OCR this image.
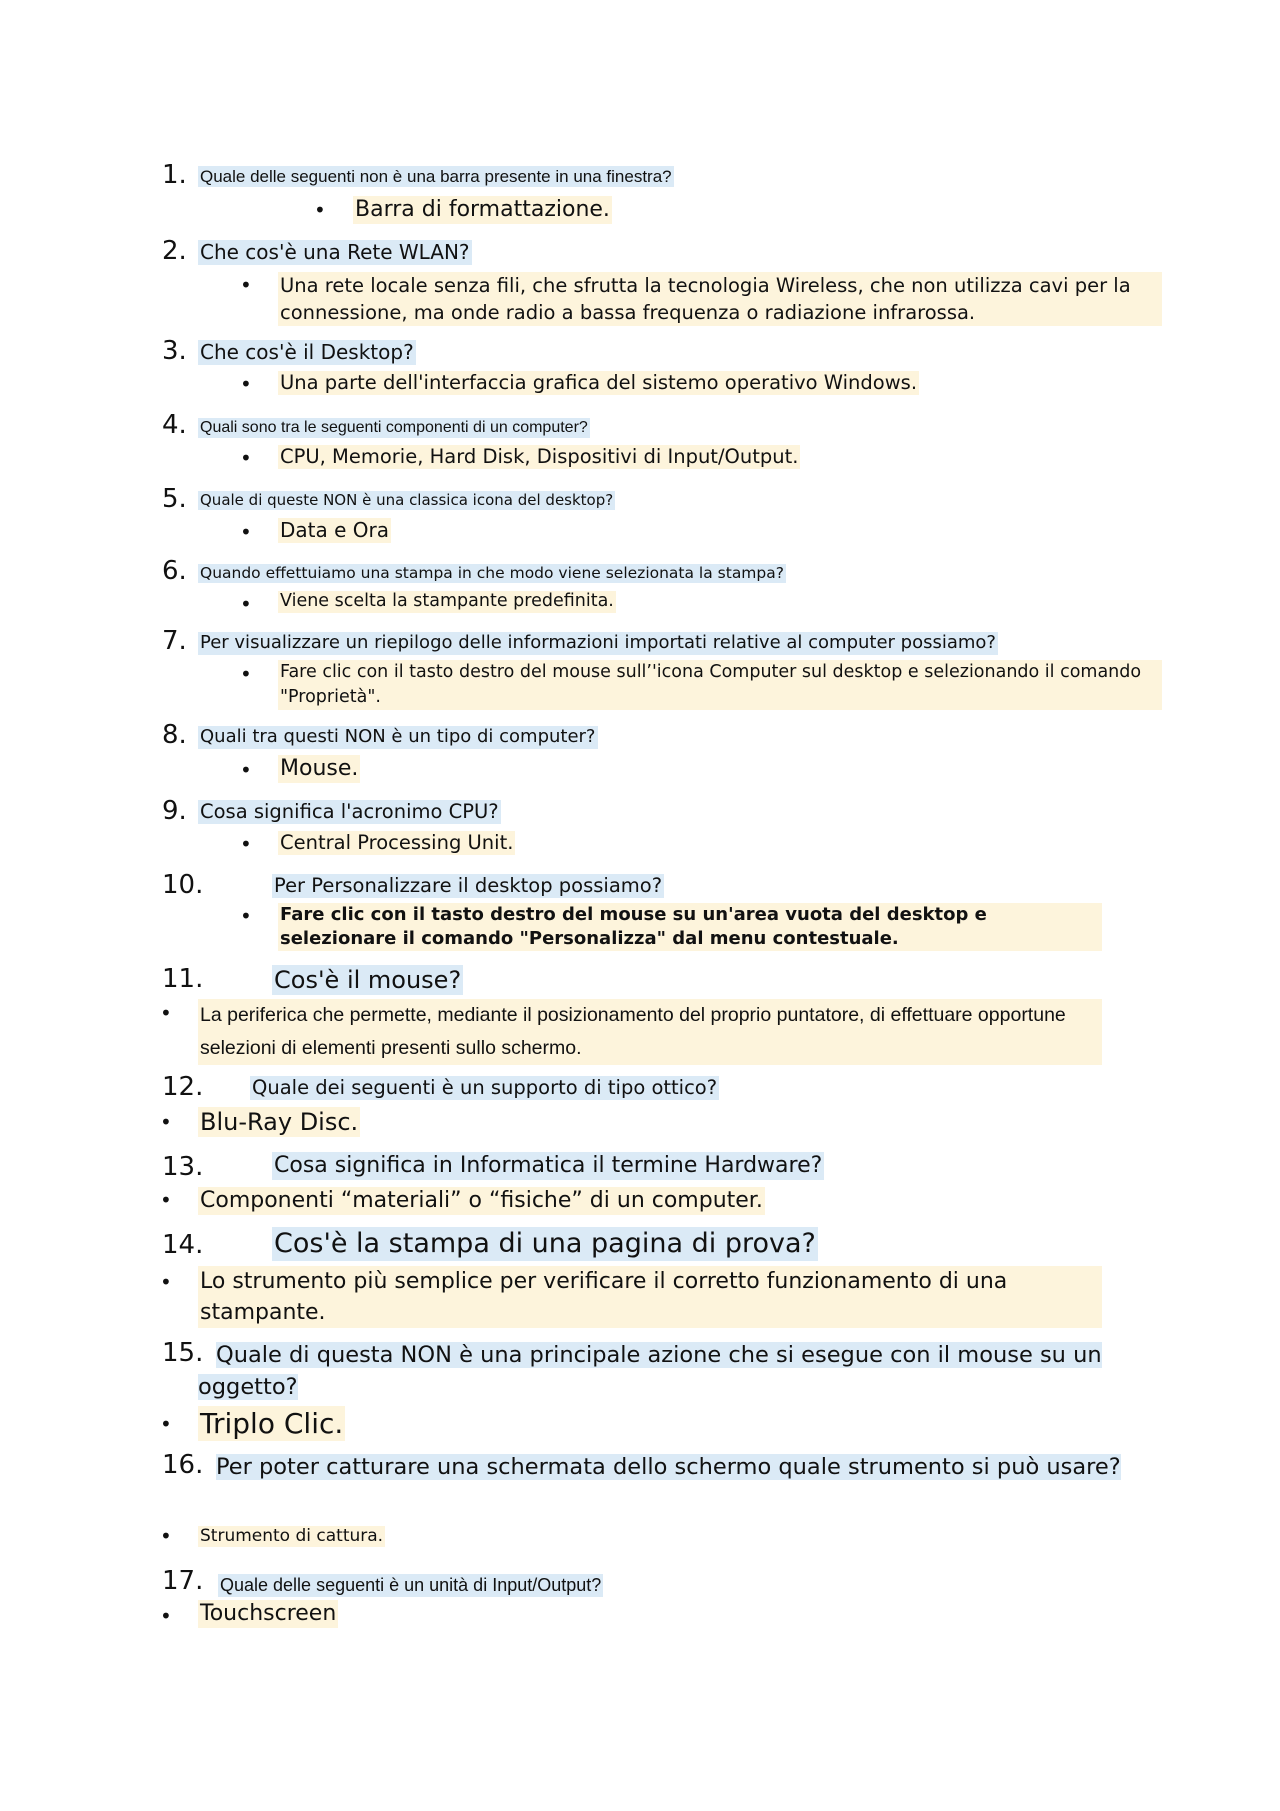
1. Quale delle seguenti non è una barra presente in una finestra?
• Barra di formattazione.
2. Che cos'è una Rete WLAN?
• Una rete locale senza fili, che sfrutta la tecnologia Wireless, che non utilizza cavi per la connessione, ma onde radio a bassa frequenza o radiazione infrarossa.
3. Che cos'è il Desktop?
• Una parte dell'interfaccia grafica del sistemo operativo Windows.
4. Quali sono tra le seguenti componenti di un computer?
• CPU, Memorie, Hard Disk, Dispositivi di Input/Output.
5. Quale di queste NON è una classica icona del desktop?
• Data e Ora
6. Quando effettuiamo una stampa in che modo viene selezionata la stampa?
• Viene scelta la stampante predefinita.
7. Per visualizzare un riepilogo delle informazioni importati relative al computer possiamo?
• Fare clic con il tasto destro del mouse sull’'icona Computer sul desktop e selezionando il comando "Proprietà".
8. Quali tra questi NON è un tipo di computer?
• Mouse.
9. Cosa significa l'acronimo CPU?
• Central Processing Unit.
10.	Per Personalizzare il desktop possiamo?
• Fare clic con il tasto destro del mouse su un'area vuota del desktop e selezionare il comando "Personalizza" dal menu contestuale.
11.	Cos'è il mouse?
• La periferica che permette, mediante il posizionamento del proprio puntatore, di effettuare opportune selezioni di elementi presenti sullo schermo.
12. Quale dei seguenti è un supporto di tipo ottico?
• Blu-Ray Disc.
13.	Cosa significa in Informatica il termine Hardware?
• Componenti “materiali” o “fisiche” di un computer.
14.	Cos'è la stampa di una pagina di prova?
• Lo strumento più semplice per verificare il corretto funzionamento di una stampante.
15. Quale di questa NON è una principale azione che si esegue con il mouse su un oggetto?
• Triplo Clic.
16. Per poter catturare una schermata dello schermo quale strumento si può usare?
• Strumento di cattura.
17. Quale delle seguenti è un unità di Input/Output?
• Touchscreen
